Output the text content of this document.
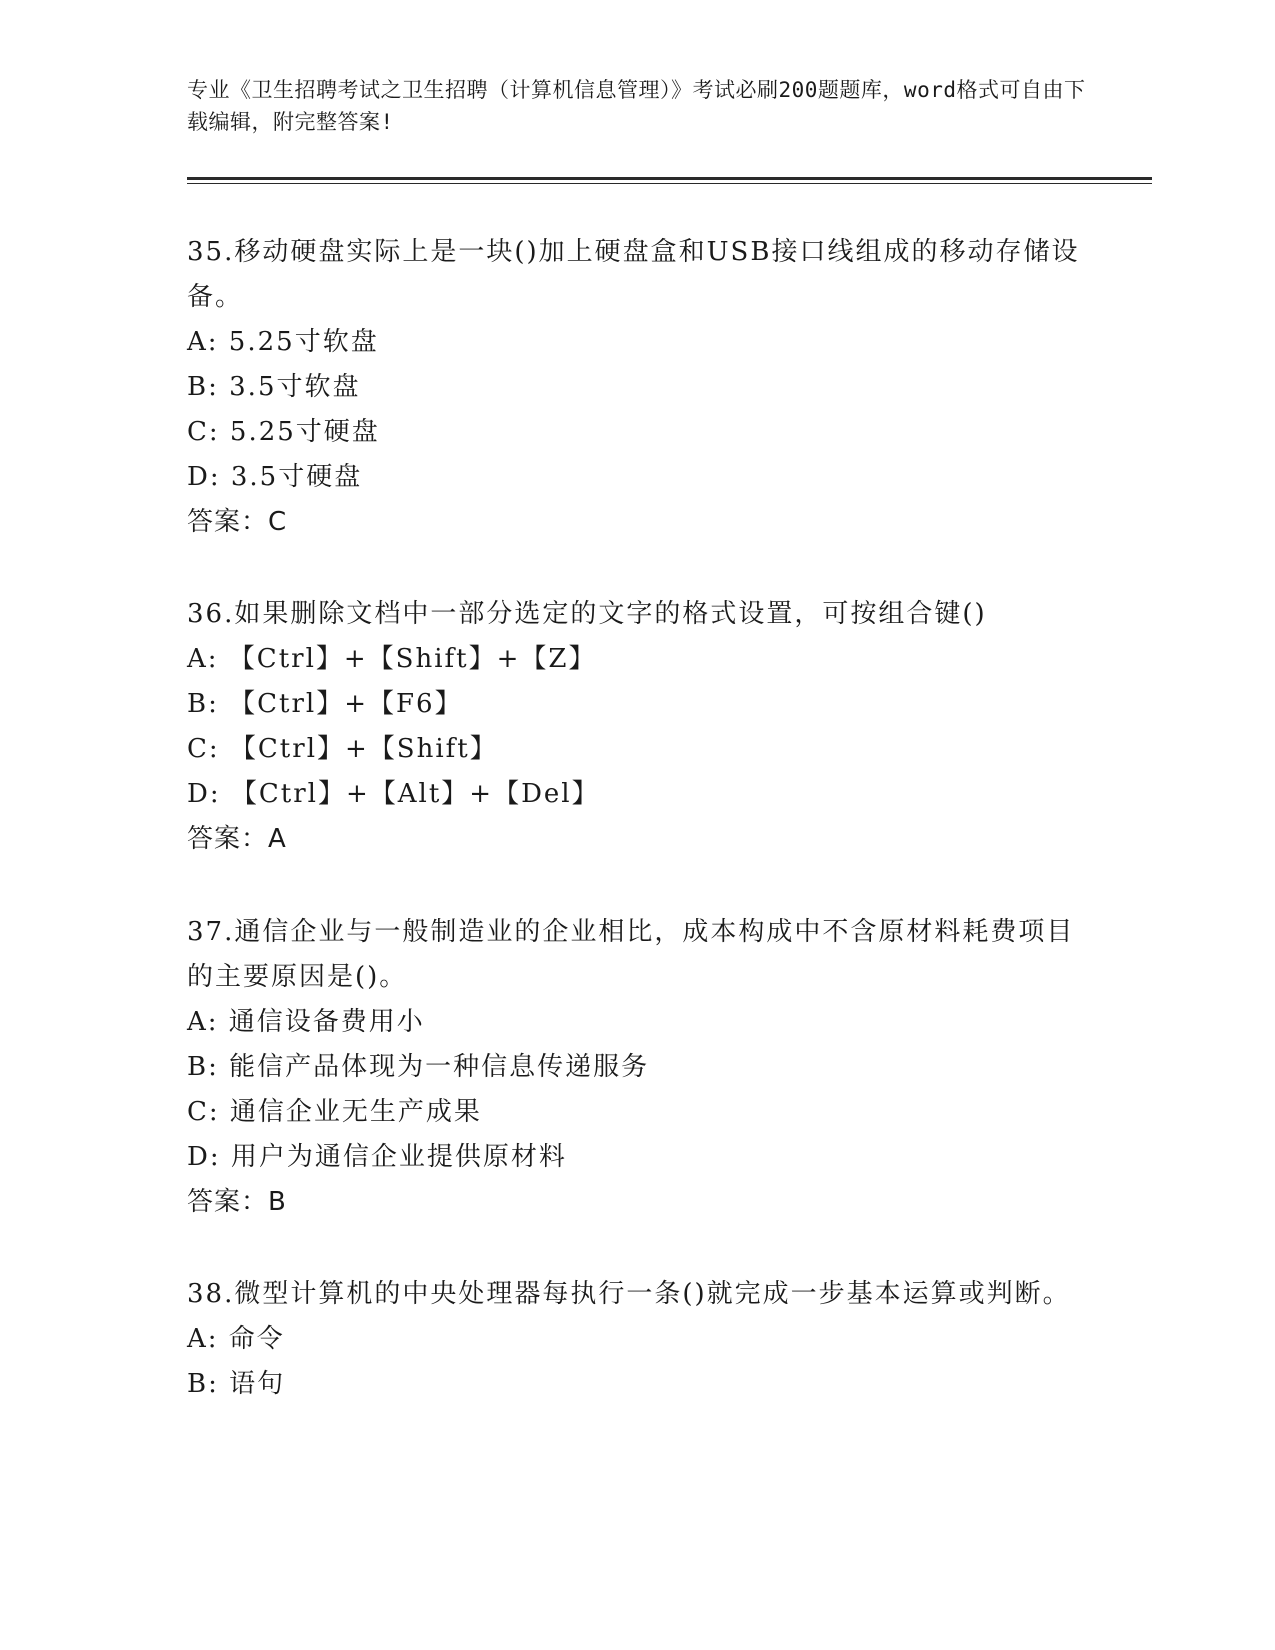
专业《卫生招聘考试之卫生招聘（计算机信息管理）》考试必刷200题题库，word格式可自由下载编辑，附完整答案!

35.移动硬盘实际上是一块()加上硬盘盒和USB接口线组成的移动存储设备。

A: 5.25寸软盘

B: 3.5寸软盘

C: 5.25寸硬盘

D: 3.5寸硬盘

答案：C

36.如果删除文档中一部分选定的文字的格式设置，可按组合键()

A: 【Ctrl】+【Shift】+【Z】

B: 【Ctrl】+【F6】

C: 【Ctrl】+【Shift】

D: 【Ctrl】+【Alt】+【Del】

答案：A

37.通信企业与一般制造业的企业相比，成本构成中不含原材料耗费项目的主要原因是()。

A: 通信设备费用小

B: 能信产品体现为一种信息传递服务

C: 通信企业无生产成果

D: 用户为通信企业提供原材料

答案：B

38.微型计算机的中央处理器每执行一条()就完成一步基本运算或判断。

A: 命令

B: 语句
